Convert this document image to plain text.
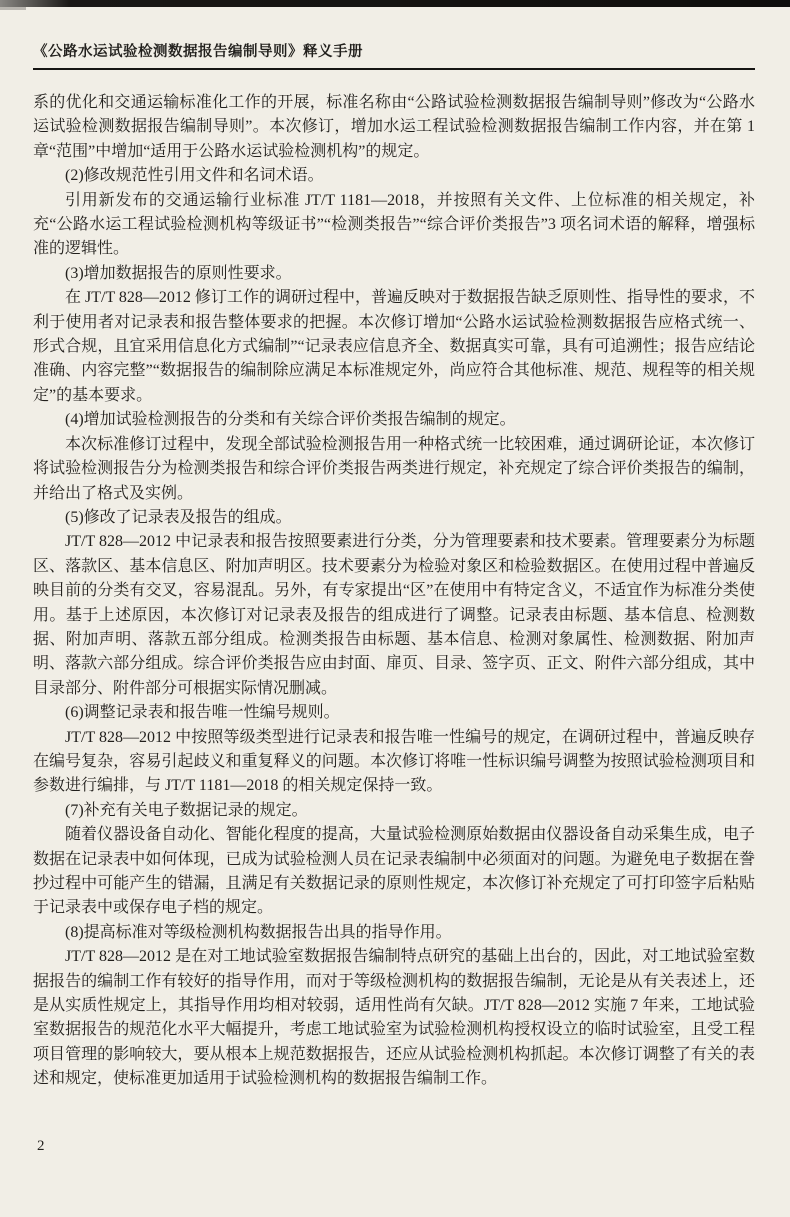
《公路水运试验检测数据报告编制导则》释义手册

系的优化和交通运输标准化工作的开展，标准名称由“公路试验检测数据报告编制导则”修改为“公路水运试验检测数据报告编制导则”。本次修订，增加水运工程试验检测数据报告编制工作内容，并在第 1 章“范围”中增加“适用于公路水运试验检测机构”的规定。

(2)修改规范性引用文件和名词术语。

引用新发布的交通运输行业标准 JT/T 1181—2018，并按照有关文件、上位标准的相关规定，补充“公路水运工程试验检测机构等级证书”“检测类报告”“综合评价类报告”3 项名词术语的解释，增强标准的逻辑性。

(3)增加数据报告的原则性要求。

在 JT/T 828—2012 修订工作的调研过程中，普遍反映对于数据报告缺乏原则性、指导性的要求，不利于使用者对记录表和报告整体要求的把握。本次修订增加“公路水运试验检测数据报告应格式统一、形式合规，且宜采用信息化方式编制”“记录表应信息齐全、数据真实可靠，具有可追溯性；报告应结论准确、内容完整”“数据报告的编制除应满足本标准规定外，尚应符合其他标准、规范、规程等的相关规定”的基本要求。

(4)增加试验检测报告的分类和有关综合评价类报告编制的规定。

本次标准修订过程中，发现全部试验检测报告用一种格式统一比较困难，通过调研论证，本次修订将试验检测报告分为检测类报告和综合评价类报告两类进行规定，补充规定了综合评价类报告的编制，并给出了格式及实例。

(5)修改了记录表及报告的组成。

JT/T 828—2012 中记录表和报告按照要素进行分类，分为管理要素和技术要素。管理要素分为标题区、落款区、基本信息区、附加声明区。技术要素分为检验对象区和检验数据区。在使用过程中普遍反映目前的分类有交叉，容易混乱。另外，有专家提出“区”在使用中有特定含义，不适宜作为标准分类使用。基于上述原因，本次修订对记录表及报告的组成进行了调整。记录表由标题、基本信息、检测数据、附加声明、落款五部分组成。检测类报告由标题、基本信息、检测对象属性、检测数据、附加声明、落款六部分组成。综合评价类报告应由封面、扉页、目录、签字页、正文、附件六部分组成，其中目录部分、附件部分可根据实际情况删减。

(6)调整记录表和报告唯一性编号规则。

JT/T 828—2012 中按照等级类型进行记录表和报告唯一性编号的规定，在调研过程中，普遍反映存在编号复杂，容易引起歧义和重复释义的问题。本次修订将唯一性标识编号调整为按照试验检测项目和参数进行编排，与 JT/T 1181—2018 的相关规定保持一致。

(7)补充有关电子数据记录的规定。

随着仪器设备自动化、智能化程度的提高，大量试验检测原始数据由仪器设备自动采集生成，电子数据在记录表中如何体现，已成为试验检测人员在记录表编制中必须面对的问题。为避免电子数据在誊抄过程中可能产生的错漏，且满足有关数据记录的原则性规定，本次修订补充规定了可打印签字后粘贴于记录表中或保存电子档的规定。

(8)提高标准对等级检测机构数据报告出具的指导作用。

JT/T 828—2012 是在对工地试验室数据报告编制特点研究的基础上出台的，因此，对工地试验室数据报告的编制工作有较好的指导作用，而对于等级检测机构的数据报告编制，无论是从有关表述上，还是从实质性规定上，其指导作用均相对较弱，适用性尚有欠缺。JT/T 828—2012 实施 7 年来，工地试验室数据报告的规范化水平大幅提升，考虑工地试验室为试验检测机构授权设立的临时试验室，且受工程项目管理的影响较大，要从根本上规范数据报告，还应从试验检测机构抓起。本次修订调整了有关的表述和规定，使标准更加适用于试验检测机构的数据报告编制工作。

2
